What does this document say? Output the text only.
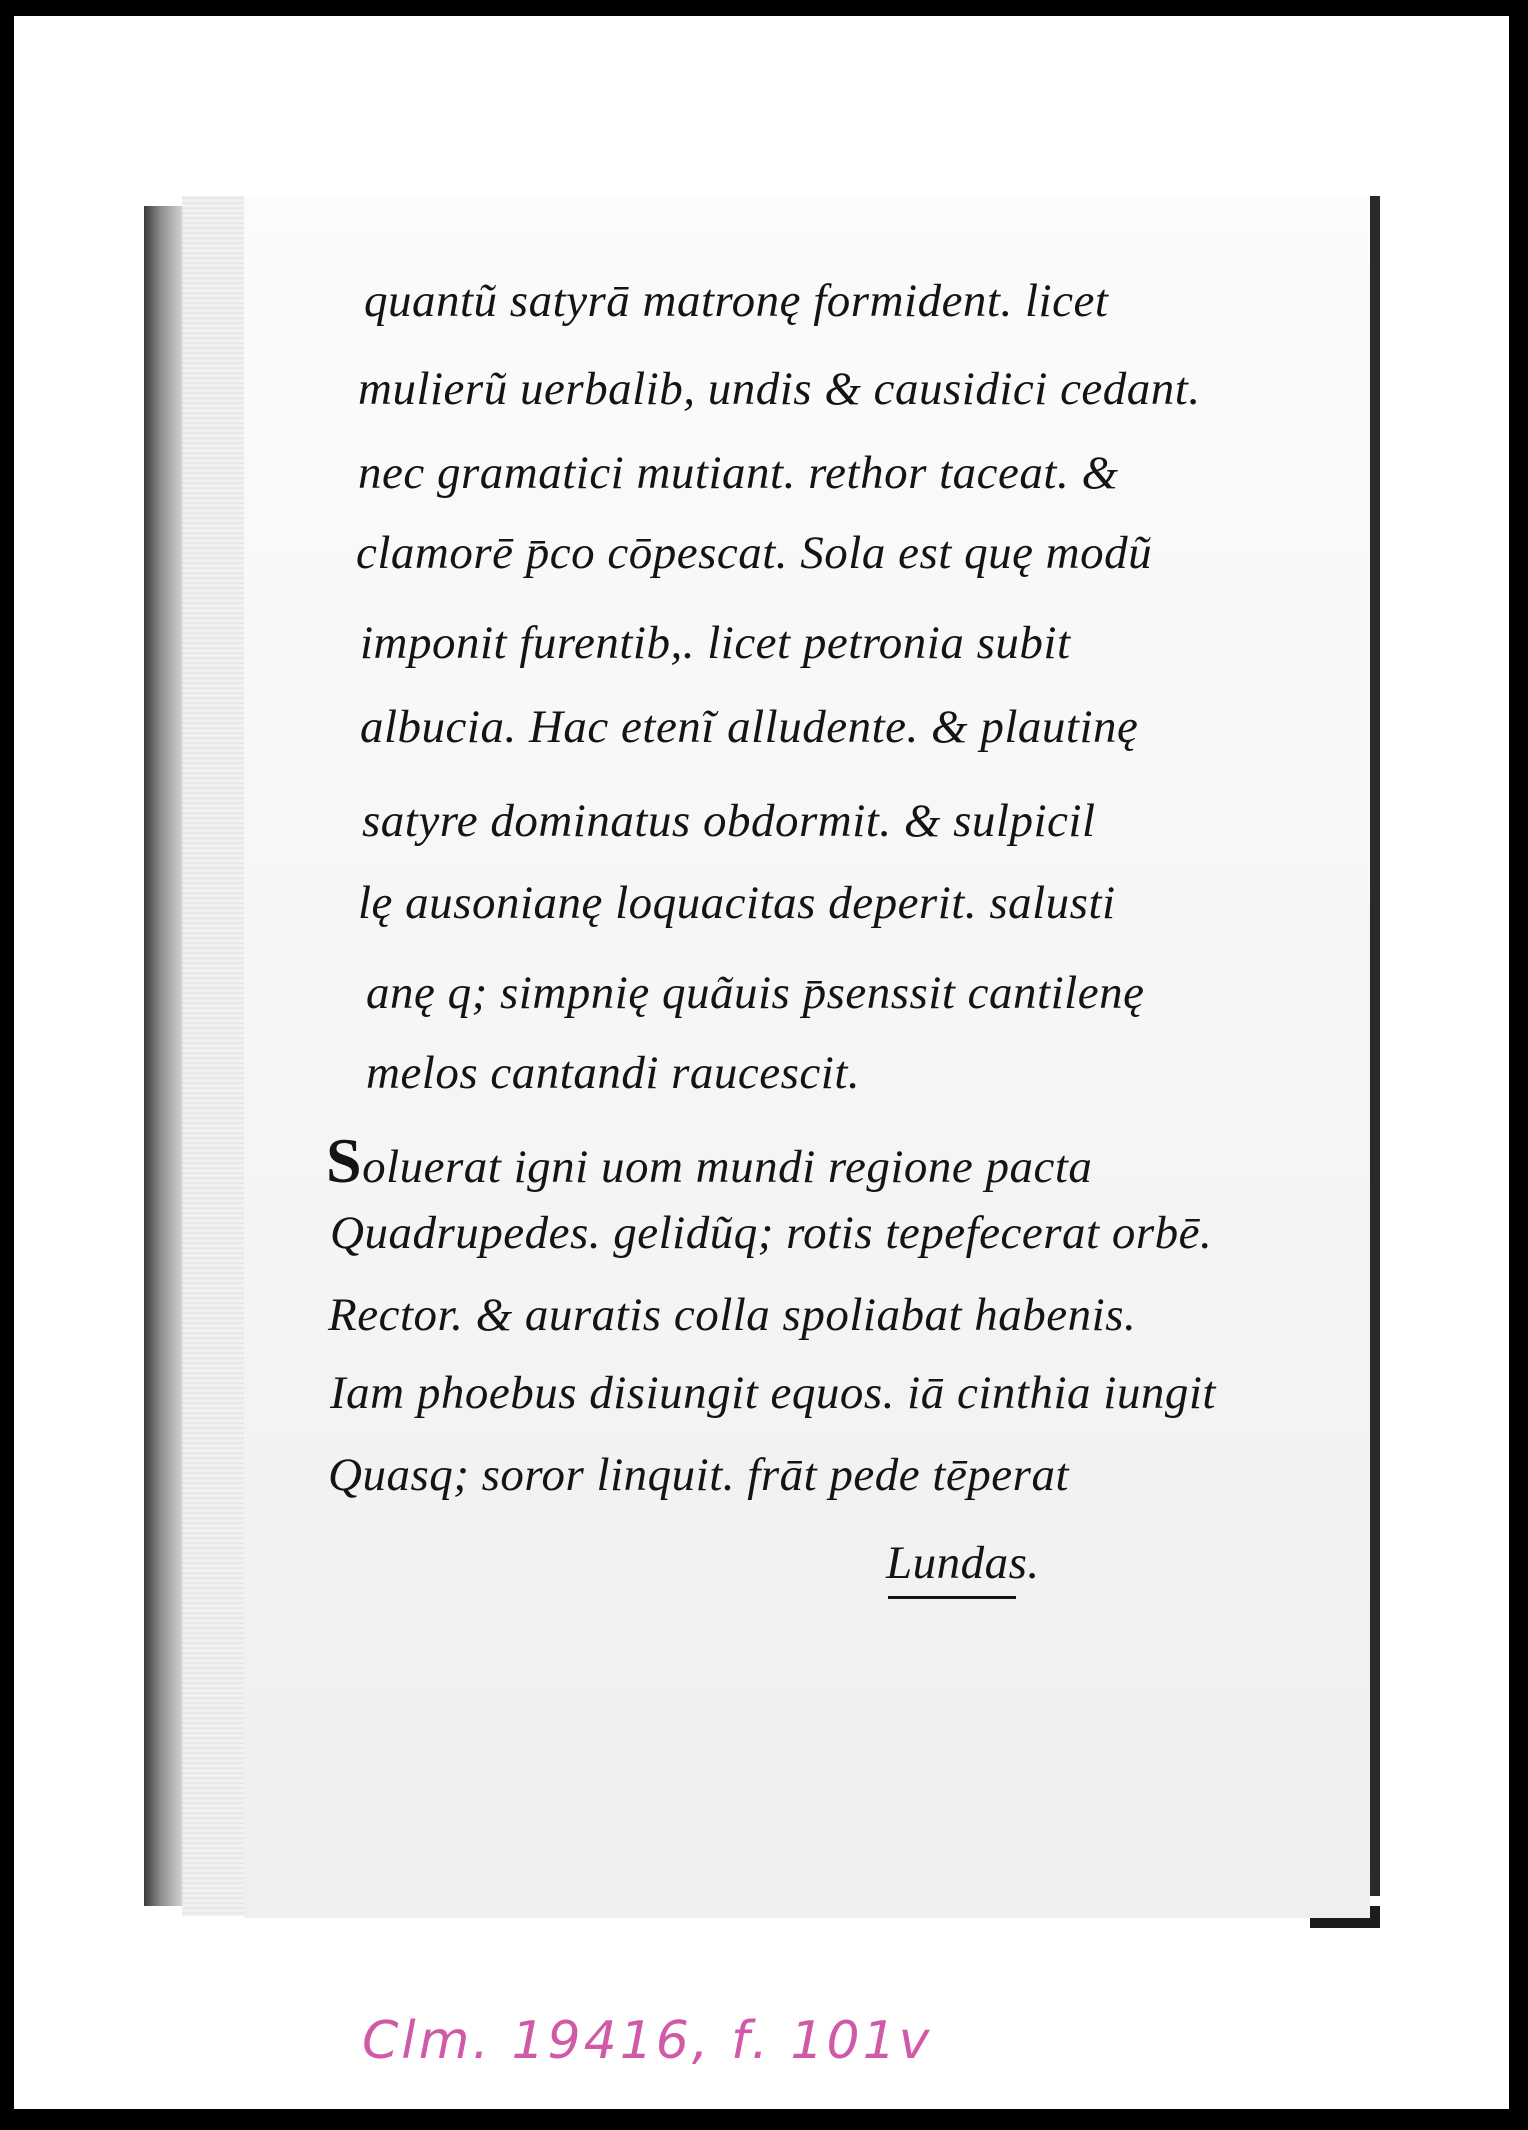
quantũ satyrā matronę formident. licet
mulierũ uerbalib, undis & causidici cedant.
nec gramatici mutiant. rethor taceat. &
clamorē p̄co cōpescat. Sola est quę modũ
imponit furentib,. licet petronia subit
albucia. Hac etenĩ alludente. & plautinę
satyre dominatus obdormit. & sulpicil
lę ausonianę loquacitas deperit. salusti
anę q; simpnię quãuis p̄senssit cantilenę
melos cantandi raucescit.
Soluerat igni uom mundi regione pacta
Quadrupedes. gelidũq; rotis tepefecerat orbē.
Rector. & auratis colla spoliabat habenis.
Iam phoebus disiungit equos. iā cinthia iungit
Quasq; soror linquit. frāt pede tēperat
Lundas.
Clm. 19416, f. 101v
